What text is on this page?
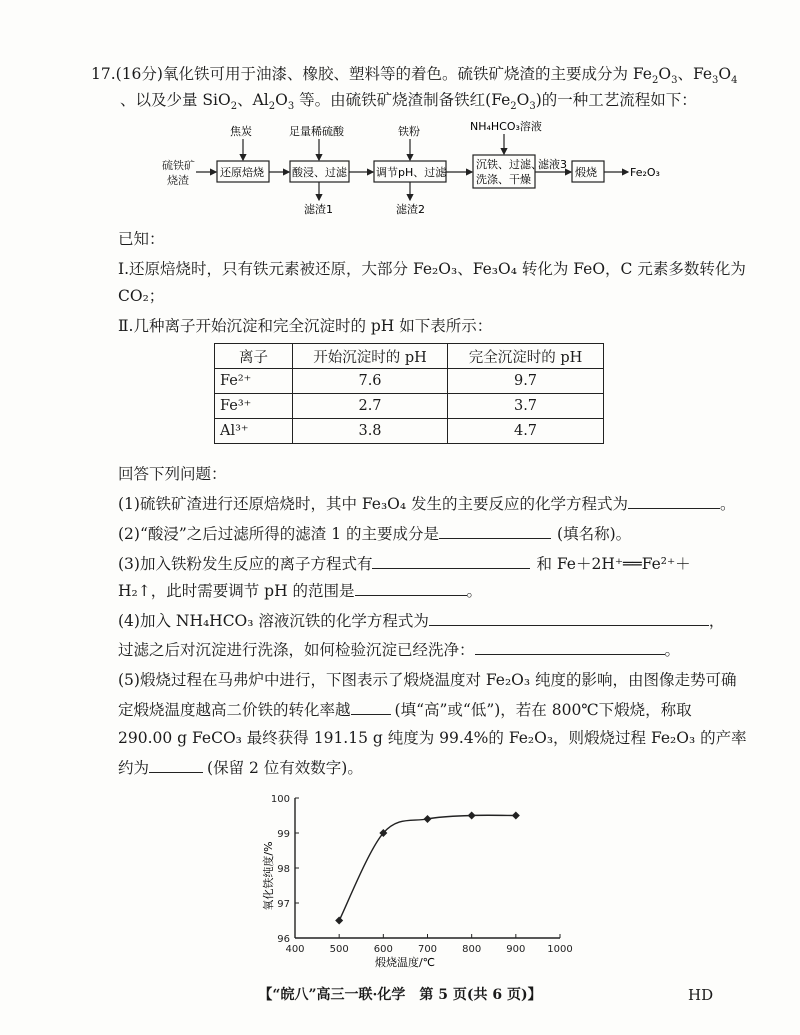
17.(16分)氧化铁可用于油漆、橡胶、塑料等的着色。硫铁矿烧渣的主要成分为 $Fe_2O_3$、$Fe_3O_4$
、以及少量 SiO$_2$、$Al_2O_3$ 等。由硫铁矿烧渣制备铁红$(Fe_2O_3)$的一种工艺流程如下：
硫铁矿
烧渣
还原焙烧	酸浸、过滤	调节pH、过滤
沉铁、过滤、
洗涤、干燥
滤液3
煅烧	Fe₂O₃
焦炭	足量稀硫酸	铁粉	NH₄HCO₃溶液
滤渣1	滤渣2
已知：
Ⅰ.还原焙烧时，只有铁元素被还原，大部分 Fe₂O₃、Fe₃O₄ 转化为 FeO，C 元素多数转化为
CO₂；
Ⅱ.几种离子开始沉淀和完全沉淀时的 pH 如下表所示：
离子	开始沉淀时的 pH	完全沉淀时的 pH
Fe²⁺	7.6	9.7
Fe³⁺	2.7	3.7
Al³⁺	3.8	4.7
回答下列问题：
(1)硫铁矿渣进行还原焙烧时，其中 Fe₃O₄ 发生的主要反应的化学方程式为	。
(2)“酸浸”之后过滤所得的滤渣 1 的主要成分是	(填名称)。
(3)加入铁粉发生反应的离子方程式有	和 Fe＋2H⁺══Fe²⁺＋
H₂↑，此时需要调节 pH 的范围是	。
(4)加入 NH₄HCO₃ 溶液沉铁的化学方程式为	，
过滤之后对沉淀进行洗涤，如何检验沉淀已经洗净：	。
(5)煅烧过程在马弗炉中进行，下图表示了煅烧温度对 Fe₂O₃ 纯度的影响，由图像走势可确
定煅烧温度越高二价铁的转化率越	(填“高”或“低”)，若在 800℃下煅烧，称取
290.00 g FeCO₃ 最终获得 191.15 g 纯度为 99.4%的 Fe₂O₃，则煅烧过程 Fe₂O₃ 的产率
约为	(保留 2 位有效数字)。
400	500	600	700	800	900 1000
96
97
98
99
100
煅烧温度/℃
氧化铁纯度/%
【“皖八”高三一联·化学　第 5 页(共 6 页)】	HD
